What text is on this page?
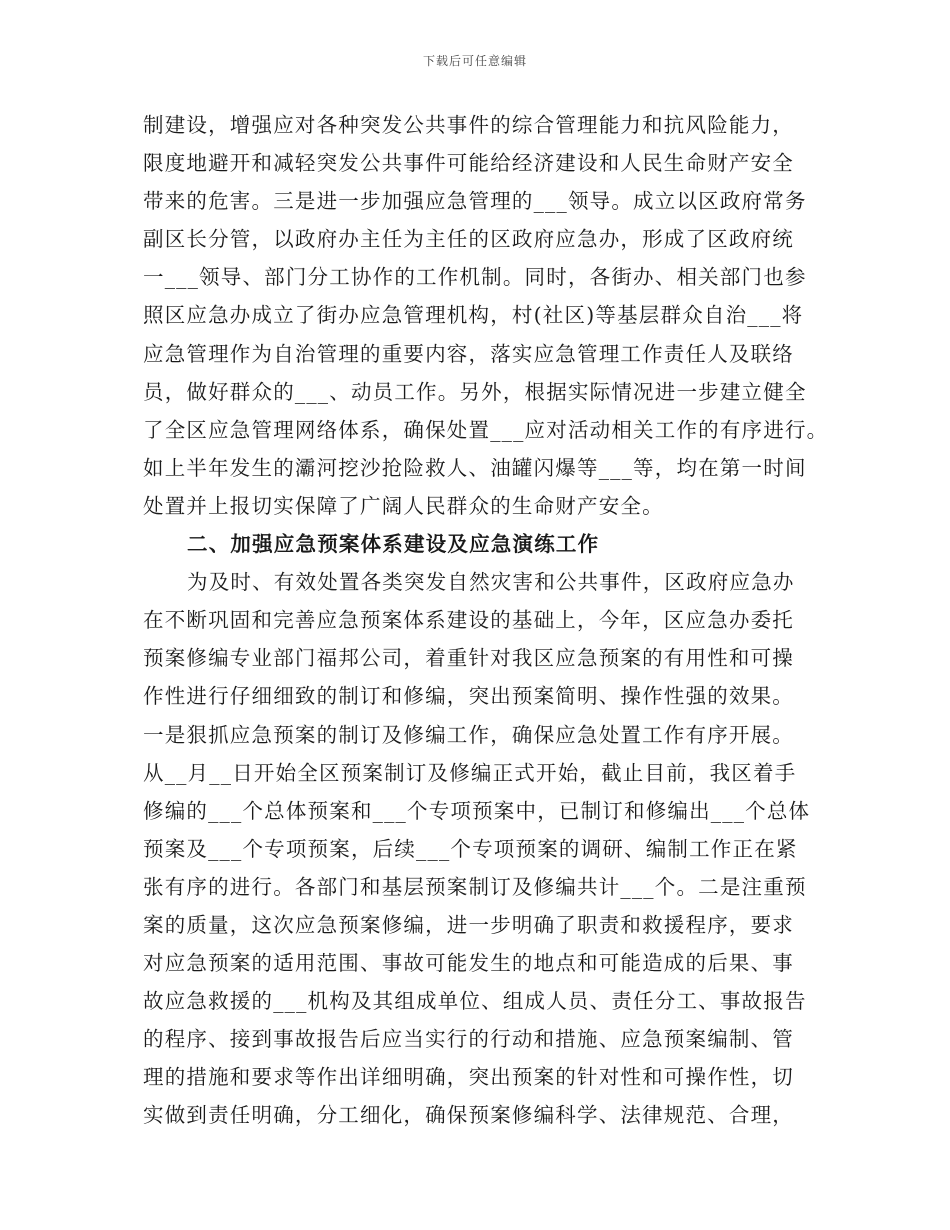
下载后可任意编辑
制建设，增强应对各种突发公共事件的综合管理能力和抗风险能力，
限度地避开和减轻突发公共事件可能给经济建设和人民生命财产安全
带来的危害。三是进一步加强应急管理的___领导。成立以区政府常务
副区长分管，以政府办主任为主任的区政府应急办，形成了区政府统
一___领导、部门分工协作的工作机制。同时，各街办、相关部门也参
照区应急办成立了街办应急管理机构，村(社区)等基层群众自治___将
应急管理作为自治管理的重要内容，落实应急管理工作责任人及联络
员，做好群众的___、动员工作。另外，根据实际情况进一步建立健全
了全区应急管理网络体系，确保处置___应对活动相关工作的有序进行。
如上半年发生的灞河挖沙抢险救人、油罐闪爆等___等，均在第一时间
处置并上报切实保障了广阔人民群众的生命财产安全。
二、加强应急预案体系建设及应急演练工作
为及时、有效处置各类突发自然灾害和公共事件，区政府应急办
在不断巩固和完善应急预案体系建设的基础上，今年，区应急办委托
预案修编专业部门福邦公司，着重针对我区应急预案的有用性和可操
作性进行仔细细致的制订和修编，突出预案简明、操作性强的效果。
一是狠抓应急预案的制订及修编工作，确保应急处置工作有序开展。
从__月__日开始全区预案制订及修编正式开始，截止目前，我区着手
修编的___个总体预案和___个专项预案中，已制订和修编出___个总体
预案及___个专项预案，后续___个专项预案的调研、编制工作正在紧
张有序的进行。各部门和基层预案制订及修编共计___个。二是注重预
案的质量，这次应急预案修编，进一步明确了职责和救援程序，要求
对应急预案的适用范围、事故可能发生的地点和可能造成的后果、事
故应急救援的___机构及其组成单位、组成人员、责任分工、事故报告
的程序、接到事故报告后应当实行的行动和措施、应急预案编制、管
理的措施和要求等作出详细明确，突出预案的针对性和可操作性，切
实做到责任明确，分工细化，确保预案修编科学、法律规范、合理，
